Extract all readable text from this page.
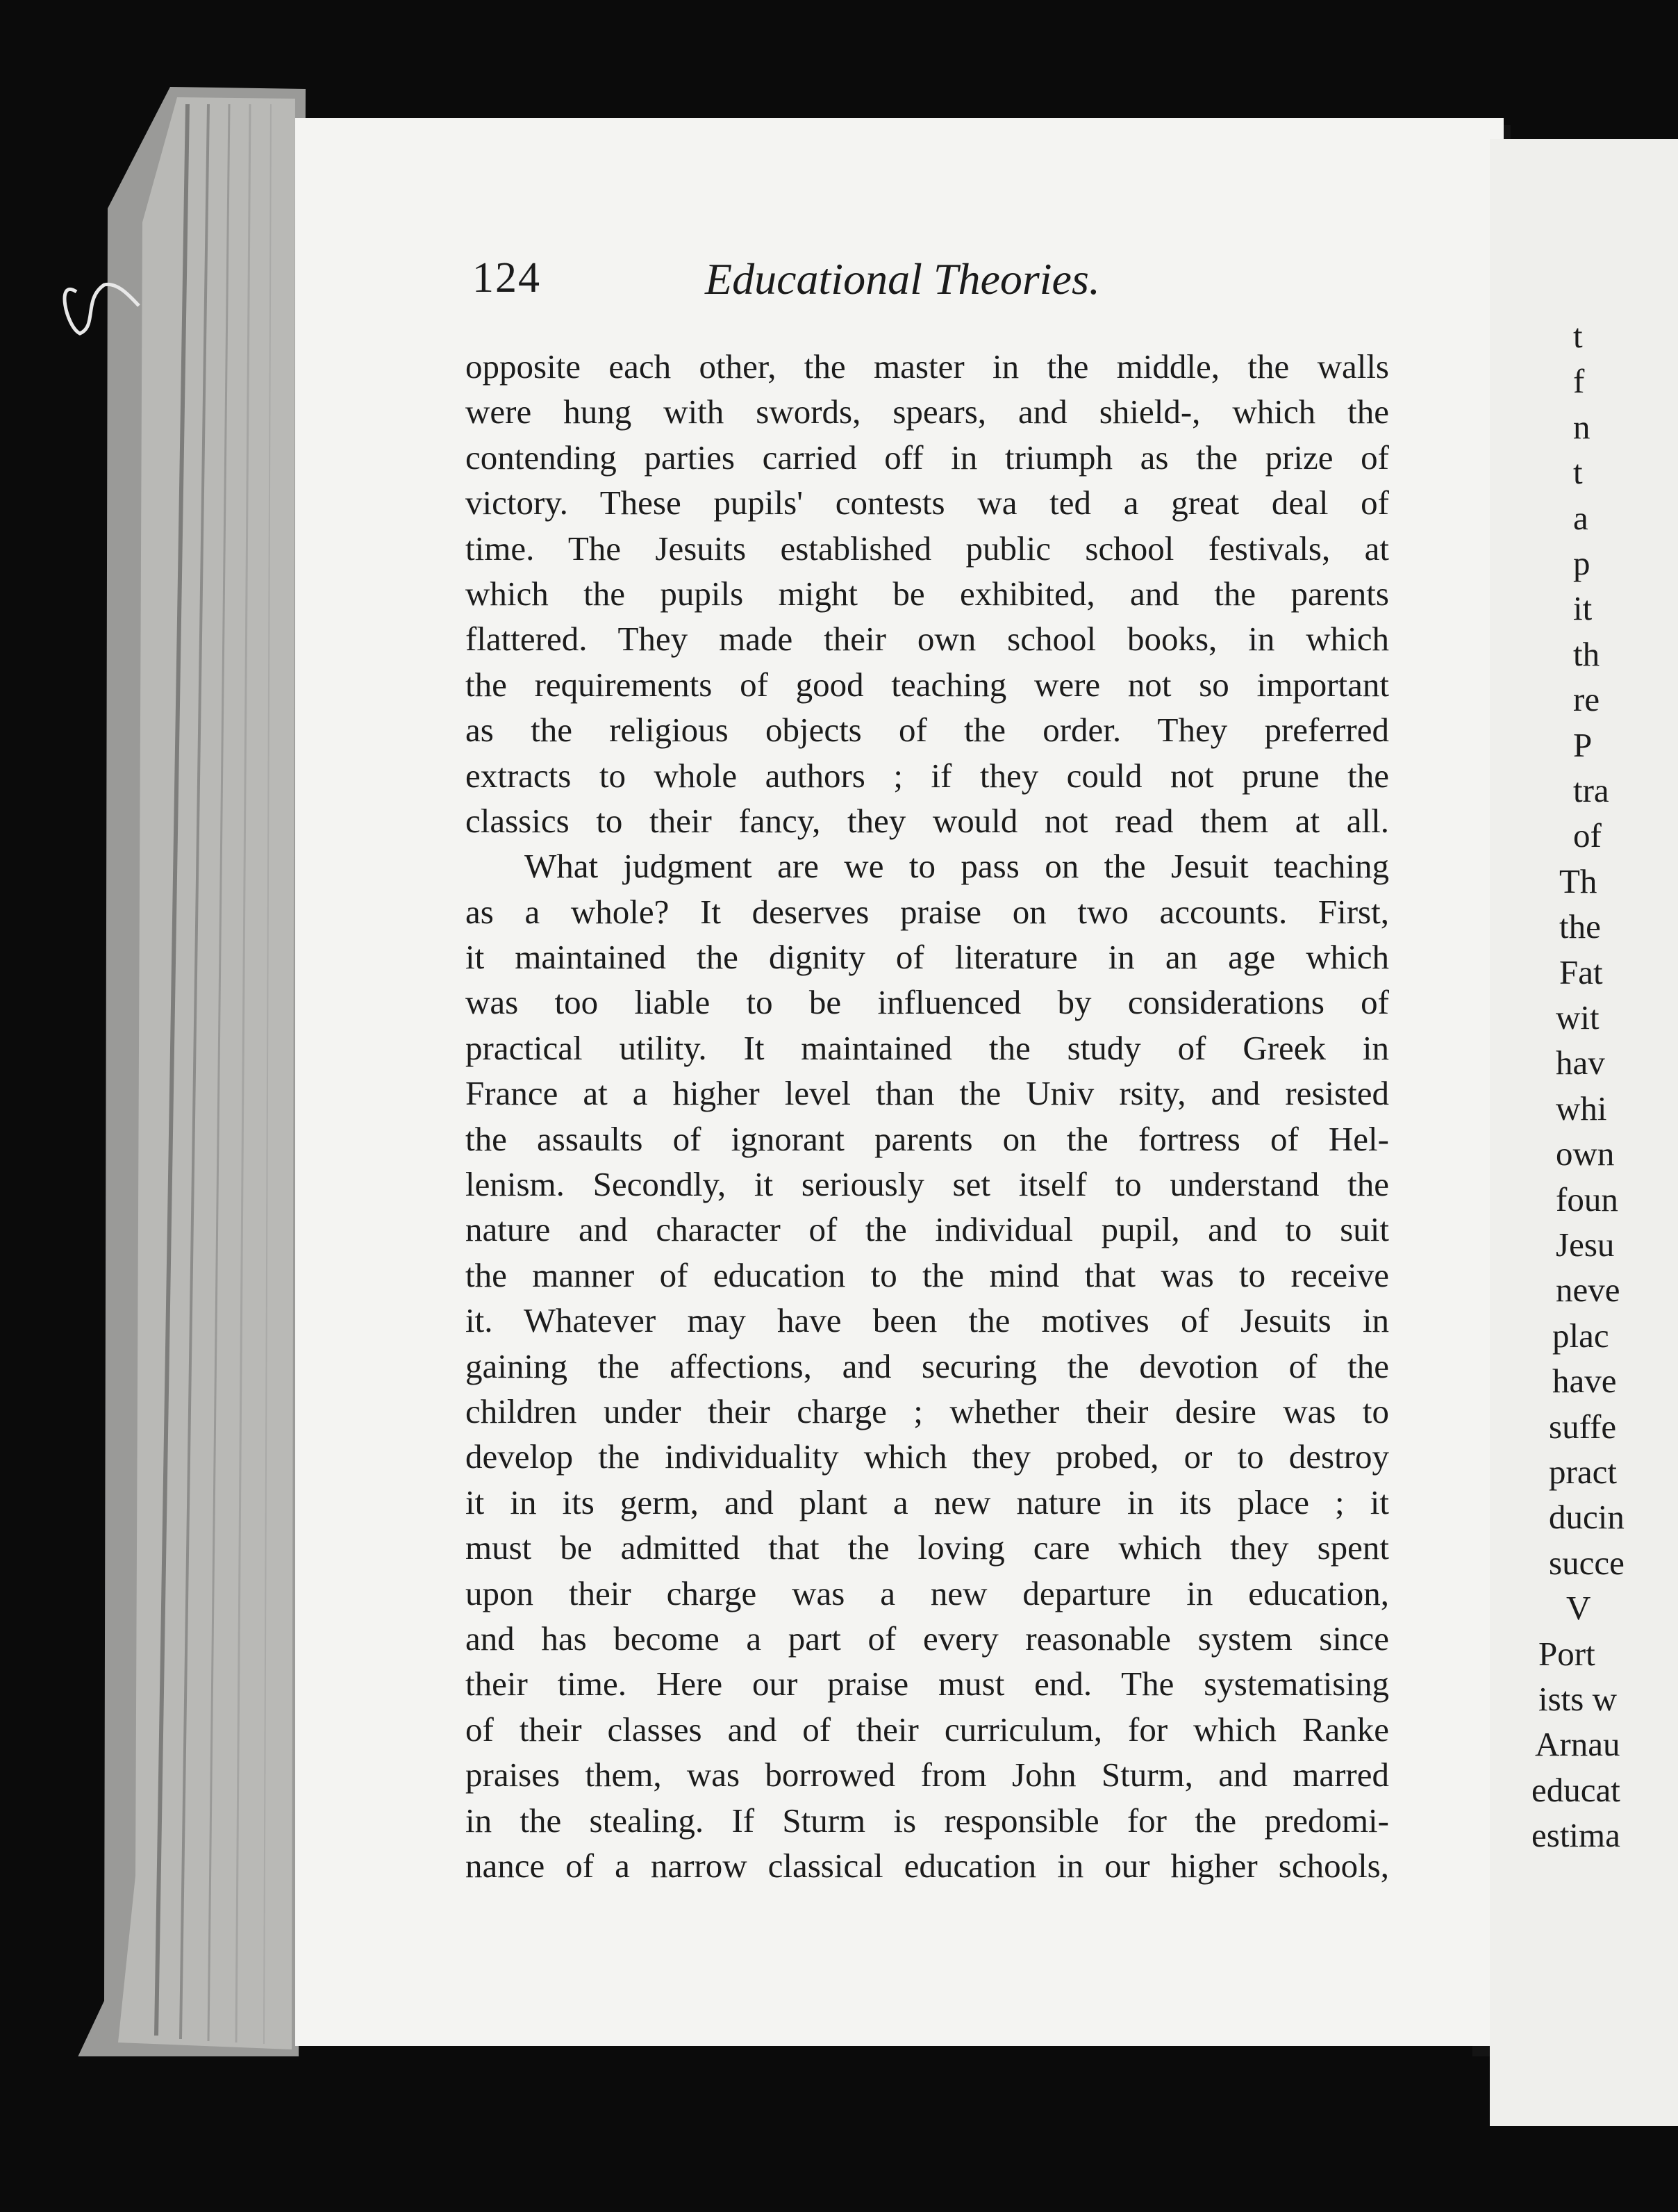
124	Educational Theories.
opposite each other, the master in the middle, the walls
were hung with swords, spears, and shield-, which the
contending parties carried off in triumph as the prize of
victory. These pupils' contests wa ted a great deal of
time. The Jesuits established public school festivals, at
which the pupils might be exhibited, and the parents
flattered. They made their own school books, in which
the requirements of good teaching were not so important
as the religious objects of the order. They preferred
extracts to whole authors ; if they could not prune the
classics to their fancy, they would not read them at all.
What judgment are we to pass on the Jesuit teaching
as a whole? It deserves praise on two accounts. First,
it maintained the dignity of literature in an age which
was too liable to be influenced by considerations of
practical utility. It maintained the study of Greek in
France at a higher level than the Univ rsity, and resisted
the assaults of ignorant parents on the fortress of Hel-
lenism. Secondly, it seriously set itself to understand the
nature and character of the individual pupil, and to suit
the manner of education to the mind that was to receive
it. Whatever may have been the motives of Jesuits in
gaining the affections, and securing the devotion of the
children under their charge ; whether their desire was to
develop the individuality which they probed, or to destroy
it in its germ, and plant a new nature in its place ; it
must be admitted that the loving care which they spent
upon their charge was a new departure in education,
and has become a part of every reasonable system since
their time. Here our praise must end. The systematising
of their classes and of their curriculum, for which Ranke
praises them, was borrowed from John Sturm, and marred
in the stealing. If Sturm is responsible for the predomi-
nance of a narrow classical education in our higher schools,
t
f
n
t
a
p
it
th
re
P
tra
of
Th
the
Fat
wit
hav
whi
own
foun
Jesu
neve
plac
have
suffe
pract
ducin
succe
V
Port
ists w
Arnau
educat
estima
